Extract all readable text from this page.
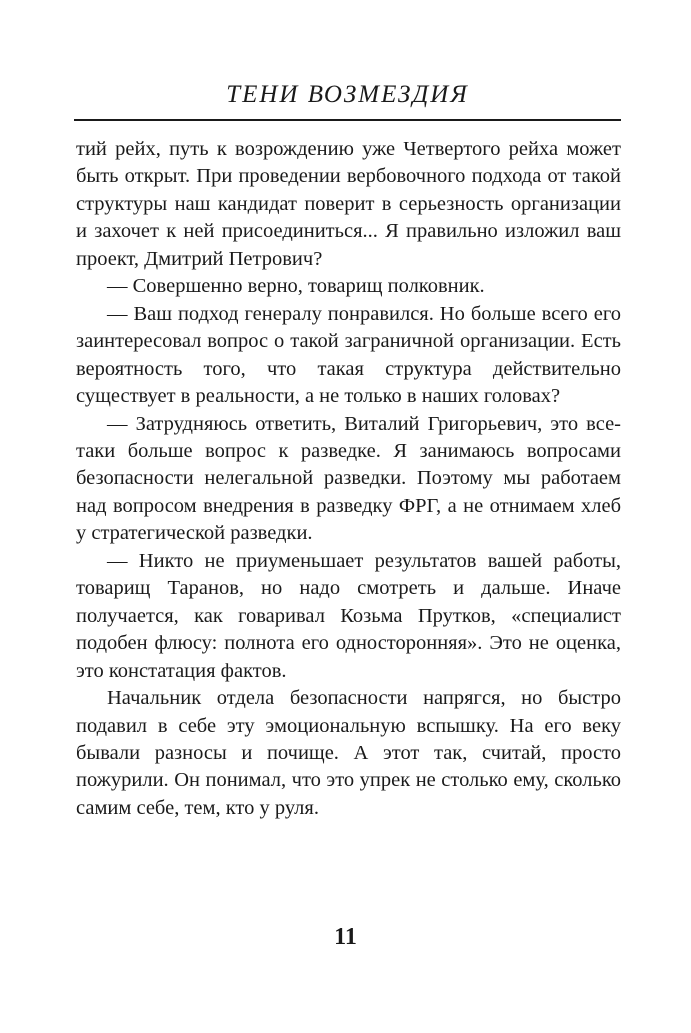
ТЕНИ ВОЗМЕЗДИЯ

тий рейх, путь к возрождению уже Четвертого рейха может быть открыт. При проведении вербовочного подхода от такой структуры наш кандидат поверит в серьезность организации и захочет к ней присоединиться... Я правильно изложил ваш проект, Дмитрий Петрович?

— Совершенно верно, товарищ полковник.

— Ваш подход генералу понравился. Но больше всего его заинтересовал вопрос о такой заграничной организации. Есть вероятность того, что такая структура действительно существует в реальности, а не только в наших головах?

— Затрудняюсь ответить, Виталий Григорьевич, это все-таки больше вопрос к разведке. Я занимаюсь вопросами безопасности нелегальной разведки. Поэтому мы работаем над вопросом внедрения в разведку ФРГ, а не отнимаем хлеб у стратегической разведки.

— Никто не приуменьшает результатов вашей работы, товарищ Таранов, но надо смотреть и дальше. Иначе получается, как говаривал Козьма Прутков, «специалист подобен флюсу: полнота его односторонняя». Это не оценка, это констатация фактов.

Начальник отдела безопасности напрягся, но быстро подавил в себе эту эмоциональную вспышку. На его веку бывали разносы и почище. А этот так, считай, просто пожурили. Он понимал, что это упрек не столько ему, сколько самим себе, тем, кто у руля.

11
